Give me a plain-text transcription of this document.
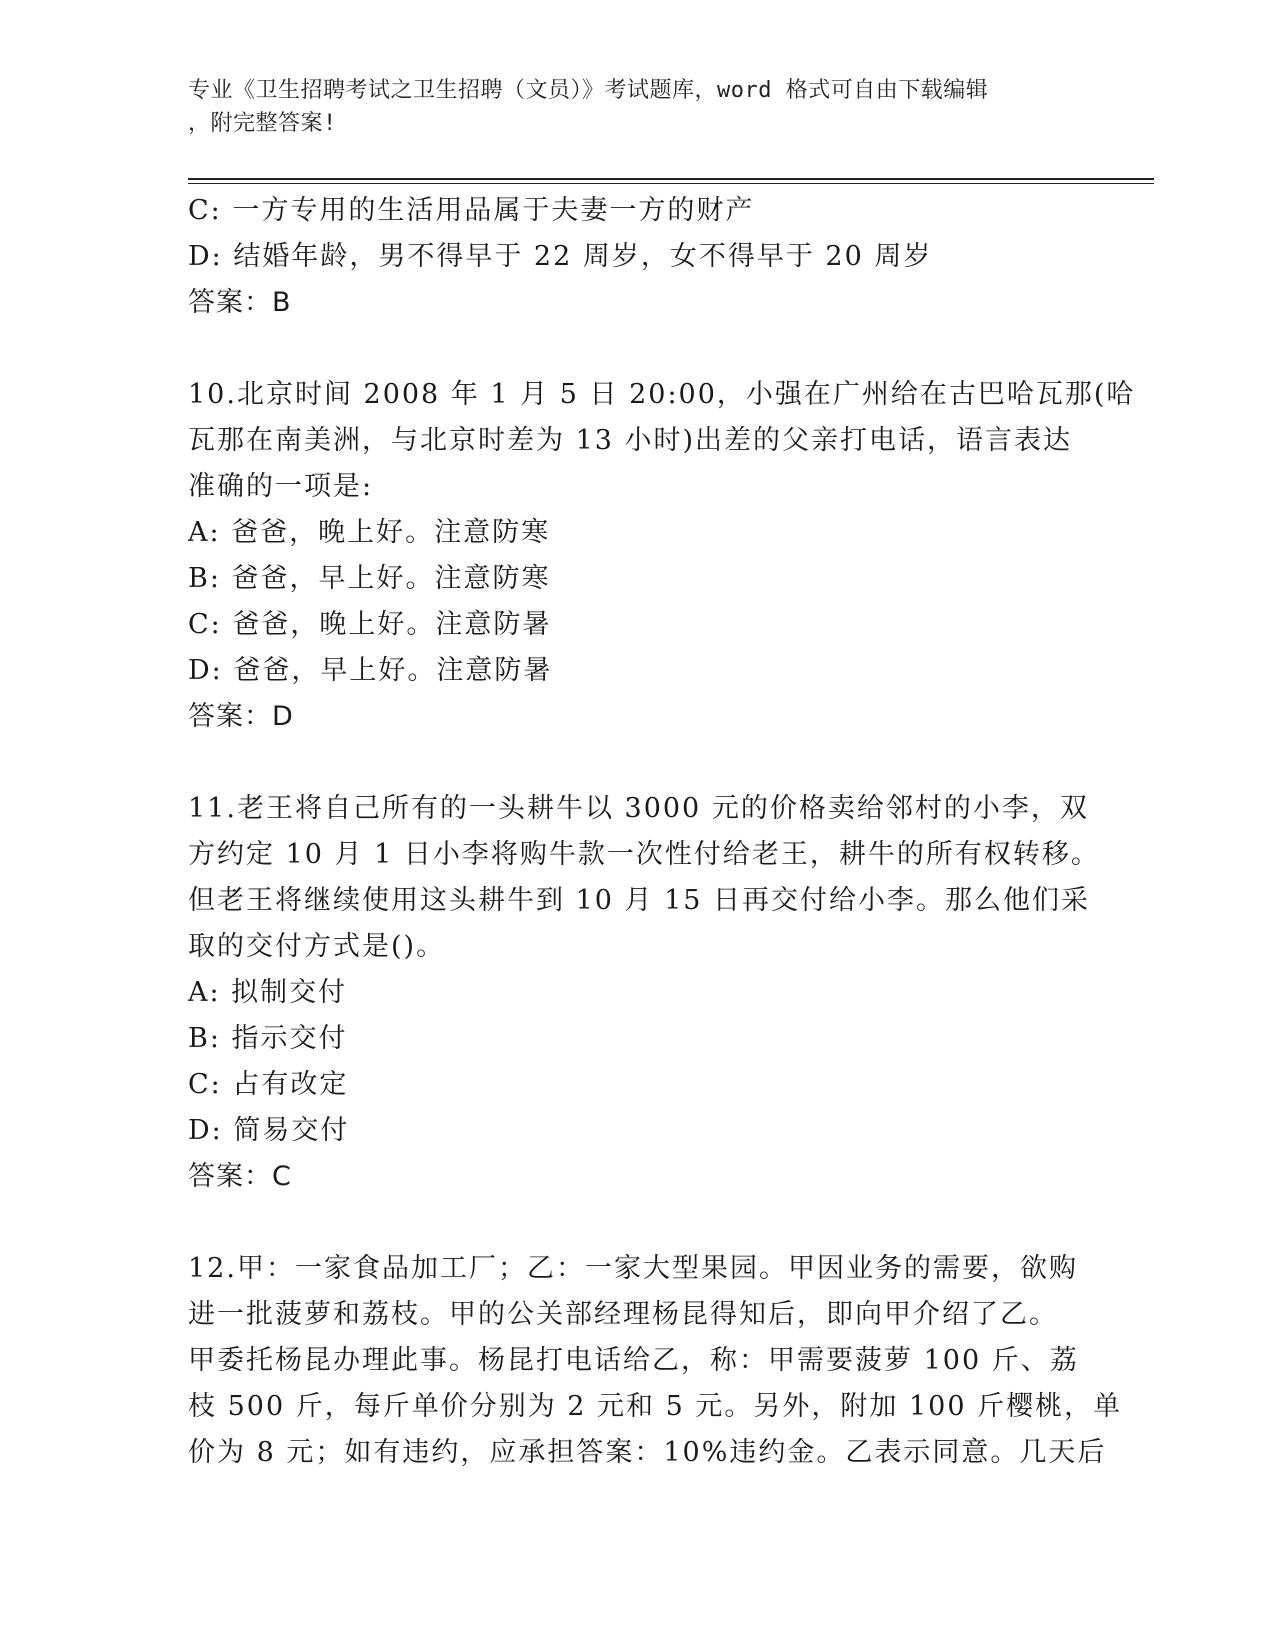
专业《卫生招聘考试之卫生招聘（文员）》考试题库，word 格式可自由下载编辑
，附完整答案!
C: 一方专用的生活用品属于夫妻一方的财产
D: 结婚年龄，男不得早于 22 周岁，女不得早于 20 周岁
答案：B
10.北京时间 2008 年 1 月 5 日 20:00，小强在广州给在古巴哈瓦那(哈
瓦那在南美洲，与北京时差为 13 小时)出差的父亲打电话，语言表达
准确的一项是:
A: 爸爸，晚上好。注意防寒
B: 爸爸，早上好。注意防寒
C: 爸爸，晚上好。注意防暑
D: 爸爸，早上好。注意防暑
答案：D
11.老王将自己所有的一头耕牛以 3000 元的价格卖给邻村的小李，双
方约定 10 月 1 日小李将购牛款一次性付给老王，耕牛的所有权转移。
但老王将继续使用这头耕牛到 10 月 15 日再交付给小李。那么他们采
取的交付方式是()。
A: 拟制交付
B: 指示交付
C: 占有改定
D: 简易交付
答案：C
12.甲：一家食品加工厂；乙：一家大型果园。甲因业务的需要，欲购
进一批菠萝和荔枝。甲的公关部经理杨昆得知后，即向甲介绍了乙。
甲委托杨昆办理此事。杨昆打电话给乙，称：甲需要菠萝 100 斤、荔
枝 500 斤，每斤单价分别为 2 元和 5 元。另外，附加 100 斤樱桃，单
价为 8 元；如有违约，应承担答案：10%违约金。乙表示同意。几天后
